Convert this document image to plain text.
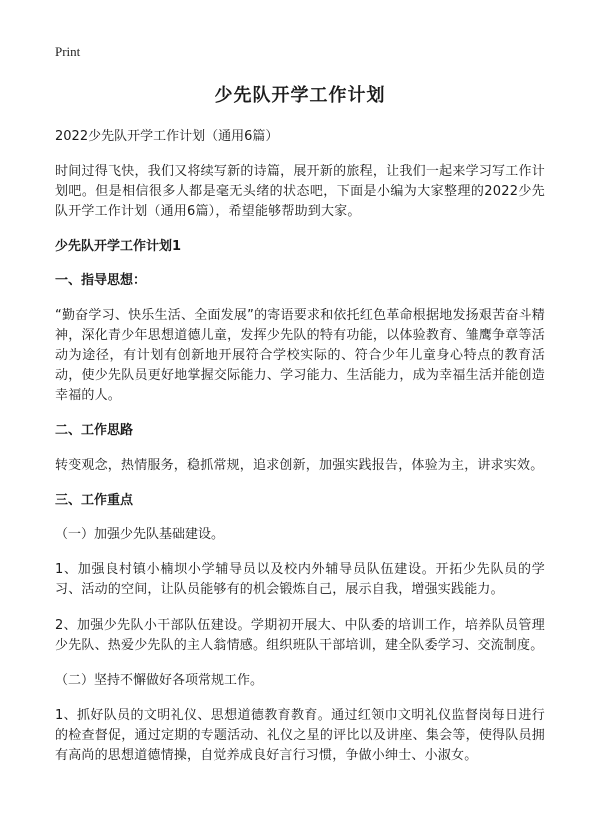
Print
少先队开学工作计划
2022少先队开学工作计划（通用6篇）

时间过得飞快，我们又将续写新的诗篇，展开新的旅程，让我们一起来学习写工作计划吧。但是相信很多人都是毫无头绪的状态吧，下面是小编为大家整理的2022少先队开学工作计划（通用6篇），希望能够帮助到大家。

少先队开学工作计划1
一、指导思想：

“勤奋学习、快乐生活、全面发展”的寄语要求和依托红色革命根据地发扬艰苦奋斗精神，深化青少年思想道德儿童，发挥少先队的特有功能，以体验教育、雏鹰争章等活动为途径，有计划有创新地开展符合学校实际的、符合少年儿童身心特点的教育活动，使少先队员更好地掌握交际能力、学习能力、生活能力，成为幸福生活并能创造幸福的人。

二、工作思路

转变观念，热情服务，稳抓常规，追求创新，加强实践报告，体验为主，讲求实效。

三、工作重点
（一）加强少先队基础建设。

1、加强良村镇小楠坝小学辅导员以及校内外辅导员队伍建设。开拓少先队员的学习、活动的空间，让队员能够有的机会锻炼自己，展示自我，增强实践能力。

2、加强少先队小干部队伍建设。学期初开展大、中队委的培训工作，培养队员管理少先队、热爱少先队的主人翁情感。组织班队干部培训，建全队委学习、交流制度。

（二）坚持不懈做好各项常规工作。

1、抓好队员的文明礼仪、思想道德教育教育。通过红领巾文明礼仪监督岗每日进行的检查督促，通过定期的专题活动、礼仪之星的评比以及讲座、集会等，使得队员拥有高尚的思想道德情操，自觉养成良好言行习惯，争做小绅士、小淑女。
